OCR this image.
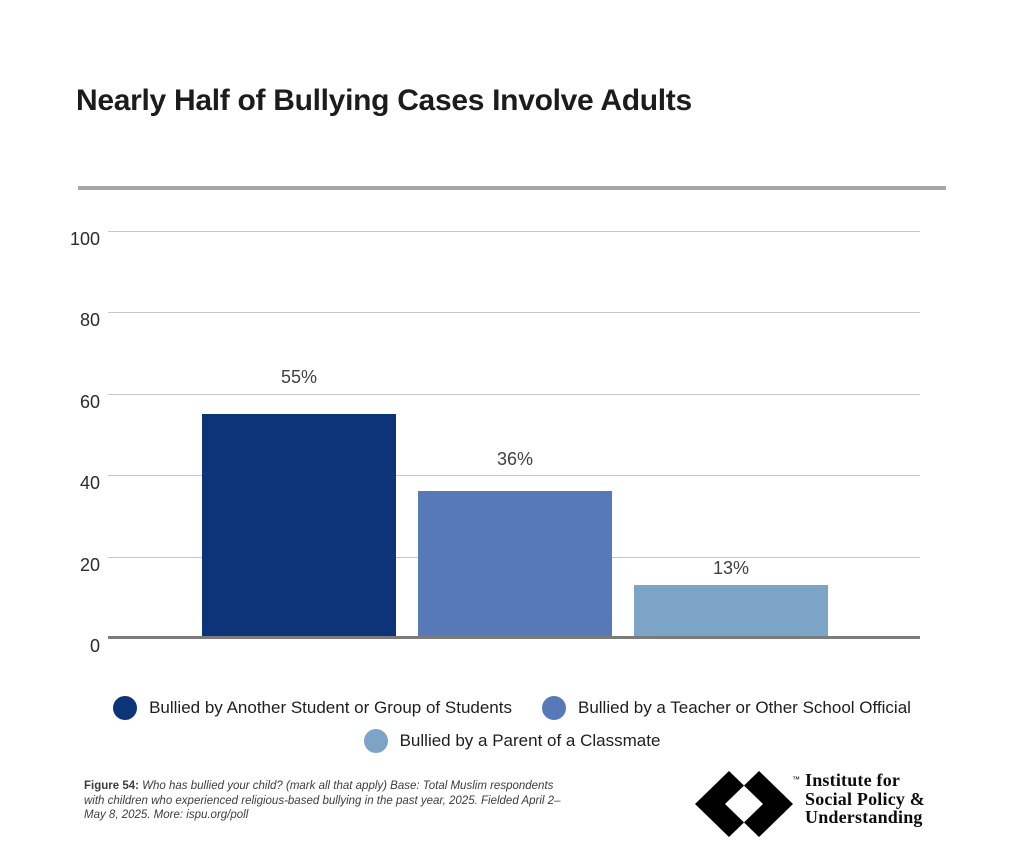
Nearly Half of Bullying Cases Involve Adults
0
20
40
60
80
100
55%
36%
13%
Bullied by Another Student or Group of Students	Bullied by a Teacher or Other School Official
Bullied by a Parent of a Classmate
Figure 54: Who has bullied your child? (mark all that apply) Base: Total Muslim respondents with children who experienced religious-based bullying in the past year, 2025. Fielded April 2–May 8, 2025. More: ispu.org/poll
™ Institute for
Social Policy &
Understanding
